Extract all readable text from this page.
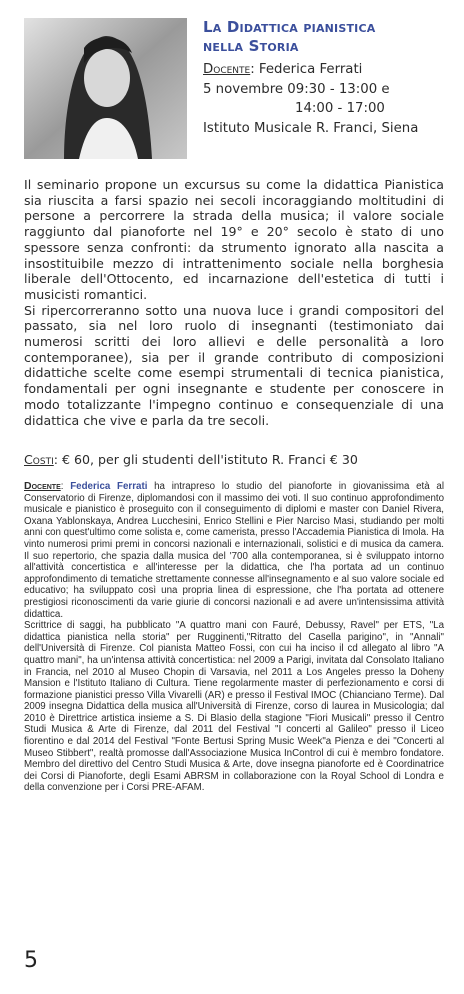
La Didattica pianistica
nella Storia
Docente: Federica Ferrati
5 novembre 09:30 - 13:00 e
14:00 - 17:00
Istituto Musicale R. Franci, Siena

Il seminario propone un excursus su come la didattica Pianistica sia riuscita a farsi spazio nei secoli incoraggiando moltitudini di persone a percorrere la strada della musica; il valore sociale raggiunto dal pianoforte nel 19° e 20° secolo è stato di uno spessore senza confronti: da strumento ignorato alla nascita a insostituibile mezzo di intrattenimento sociale nella borghesia liberale dell'Ottocento, ed incarnazione dell'estetica di tutti i musicisti romantici.

Si ripercorreranno sotto una nuova luce i grandi compositori del passato, sia nel loro ruolo di insegnanti (testimoniato dai numerosi scritti dei loro allievi e delle personalità a loro contemporanee), sia per il grande contributo di composizioni didattiche scelte come esempi strumentali di tecnica pianistica, fondamentali per ogni insegnante e studente per conoscere in modo totalizzante l'impegno continuo e consequenziale di una didattica che vive e parla da tre secoli.

Costi: € 60, per gli studenti dell'istituto R. Franci € 30

Docente: Federica Ferrati ha intrapreso lo studio del pianoforte in giovanissima età al Conservatorio di Firenze, diplomandosi con il massimo dei voti. Il suo continuo approfondimento musicale e pianistico è proseguito con il conseguimento di diplomi e master con Daniel Rivera, Oxana Yablonskaya, Andrea Lucchesini, Enrico Stellini e Pier Narciso Masi, studiando per molti anni con quest'ultimo come solista e, come camerista, presso l'Accademia Pianistica di Imola. Ha vinto numerosi primi premi in concorsi nazionali e internazionali, solistici e di musica da camera. Il suo repertorio, che spazia dalla musica del '700 alla contemporanea, si è sviluppato intorno all'attività concertistica e all'interesse per la didattica, che l'ha portata ad un continuo approfondimento di tematiche strettamente connesse all'insegnamento e al suo valore sociale ed educativo; ha sviluppato così una propria linea di espressione, che l'ha portata ad ottenere prestigiosi riconoscimenti da varie giurie di concorsi nazionali e ad avere un'intensissima attività didattica.

Scrittrice di saggi, ha pubblicato "A quattro mani con Fauré, Debussy, Ravel" per ETS, "La didattica pianistica nella storia" per Rugginenti,"Ritratto del Casella parigino", in "Annali" dell'Università di Firenze. Col pianista Matteo Fossi, con cui ha inciso il cd allegato al libro "A quattro mani", ha un'intensa attività concertistica: nel 2009 a Parigi, invitata dal Consolato Italiano in Francia, nel 2010 al Museo Chopin di Varsavia, nel 2011 a Los Angeles presso la Doheny Mansion e l'Istituto Italiano di Cultura. Tiene regolarmente master di perfezionamento e corsi di formazione pianistici presso Villa Vivarelli (AR) e presso il Festival IMOC (Chianciano Terme). Dal 2009 insegna Didattica della musica all'Università di Firenze, corso di laurea in Musicologia; dal 2010 è Direttrice artistica insieme a S. Di Blasio della stagione "Fiori Musicali" presso il Centro Studi Musica & Arte di Firenze, dal 2011 del Festival "I concerti al Galileo" presso il Liceo fiorentino e dal 2014 del Festival "Fonte Bertusi Spring Music Week"a Pienza e dei "Concerti al Museo Stibbert", realtà promosse dall'Associazione Musica InControl di cui è membro fondatore. Membro del direttivo del Centro Studi Musica & Arte, dove insegna pianoforte ed è Coordinatrice dei Corsi di Pianoforte, degli Esami ABRSM in collaborazione con la Royal School di Londra e della convenzione per i Corsi PRE-AFAM.

5
